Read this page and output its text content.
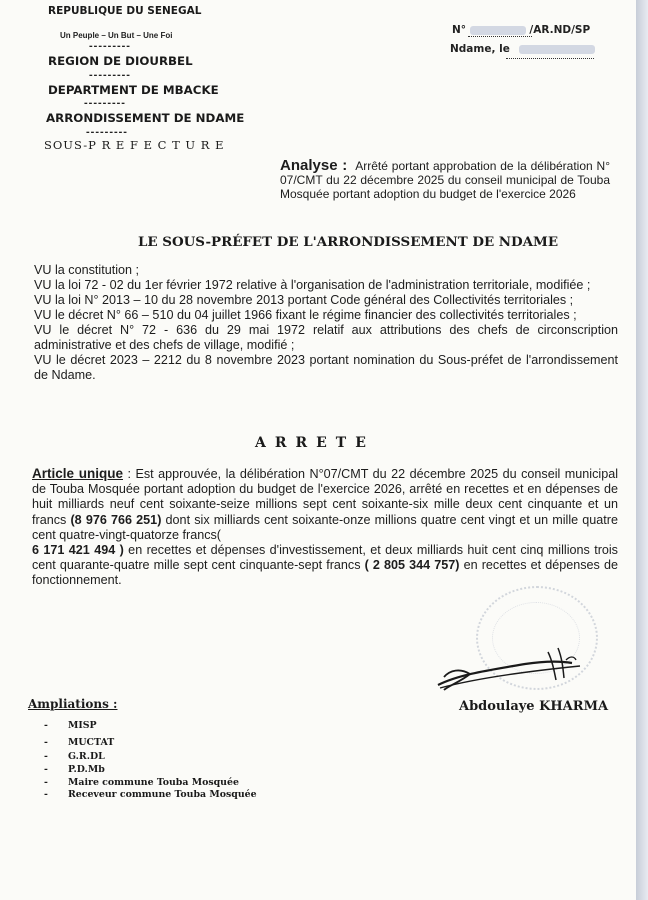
REPUBLIQUE DU SENEGAL
Un Peuple – Un But – Une Foi
---------
REGION DE DIOURBEL
---------
DEPARTMENT DE MBACKE
---------
ARRONDISSEMENT DE NDAME
---------
SOUS-P R E F E C T U R E
N°	/AR.ND/SP
Ndame, le
Analyse : Arrêté portant approbation de la délibération N° 07/CMT du 22 décembre 2025 du conseil municipal de Touba Mosquée portant adoption du budget de l'exercice 2026
LE SOUS-PRÉFET DE L'ARRONDISSEMENT DE NDAME

VU la constitution ;

VU la loi 72 - 02 du 1er février 1972 relative à l'organisation de l'administration territoriale, modifiée ;

VU la loi N° 2013 – 10 du 28 novembre 2013 portant Code général des Collectivités territoriales ;

VU le décret N° 66 – 510 du 04 juillet 1966 fixant le régime financier des collectivités territoriales ;

VU le décret N° 72 - 636 du 29 mai 1972 relatif aux attributions des chefs de circonscription administrative et des chefs de village, modifié ;

VU le décret 2023 – 2212 du 8 novembre 2023 portant nomination du Sous-préfet de l'arrondissement de Ndame.

ARRETE
Article unique : Est approuvée, la délibération N°07/CMT du 22 décembre 2025 du conseil municipal de Touba Mosquée portant adoption du budget de l'exercice 2026, arrêté en recettes et en dépenses de huit milliards neuf cent soixante-seize millions sept cent soixante-six mille deux cent cinquante et un francs (8 976 766 251) dont six milliards cent soixante-onze millions quatre cent vingt et un mille quatre cent quatre-vingt-quatorze francs(
6 171 421 494 ) en recettes et dépenses d'investissement, et deux milliards huit cent cinq millions trois cent quarante-quatre mille sept cent cinquante-sept francs ( 2 805 344 757) en recettes et dépenses de fonctionnement.
Abdoulaye KHARMA
Ampliations :
- MISP
- MUCTAT
- G.R.DL
- P.D.Mb
- Maire commune Touba Mosquée
- Receveur commune Touba Mosquée
